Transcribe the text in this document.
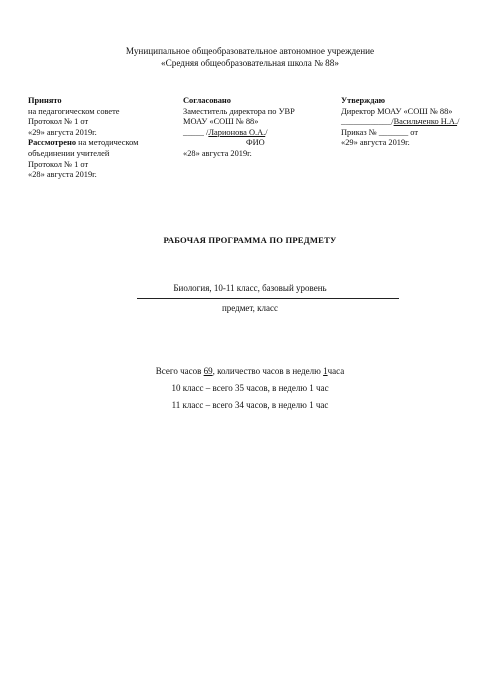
Муниципальное общеобразовательное автономное учреждение
«Средняя общеобразовательная школа № 88»
Принято
на педагогическом совете
Протокол № 1 от
«29» августа 2019г.
Рассмотрено на методическом
объединении учителей
Протокол № 1 от
«28» августа 2019г.
Согласовано
Заместитель директора по УВР
МОАУ «СОШ № 88»
_____ /Ларионова О.А./
ФИО
«28» августа 2019г.
Утверждаю
Директор МОАУ «СОШ № 88»
____________/Васильченко Н.А./
Приказ № _______ от
«29» августа 2019г.
РАБОЧАЯ ПРОГРАММА ПО ПРЕДМЕТУ
Биология, 10-11 класс, базовый уровень
предмет, класс
Всего часов 69, количество часов в неделю 1часа
10 класс – всего 35 часов, в неделю 1 час
11 класс – всего 34 часов, в неделю 1 час
